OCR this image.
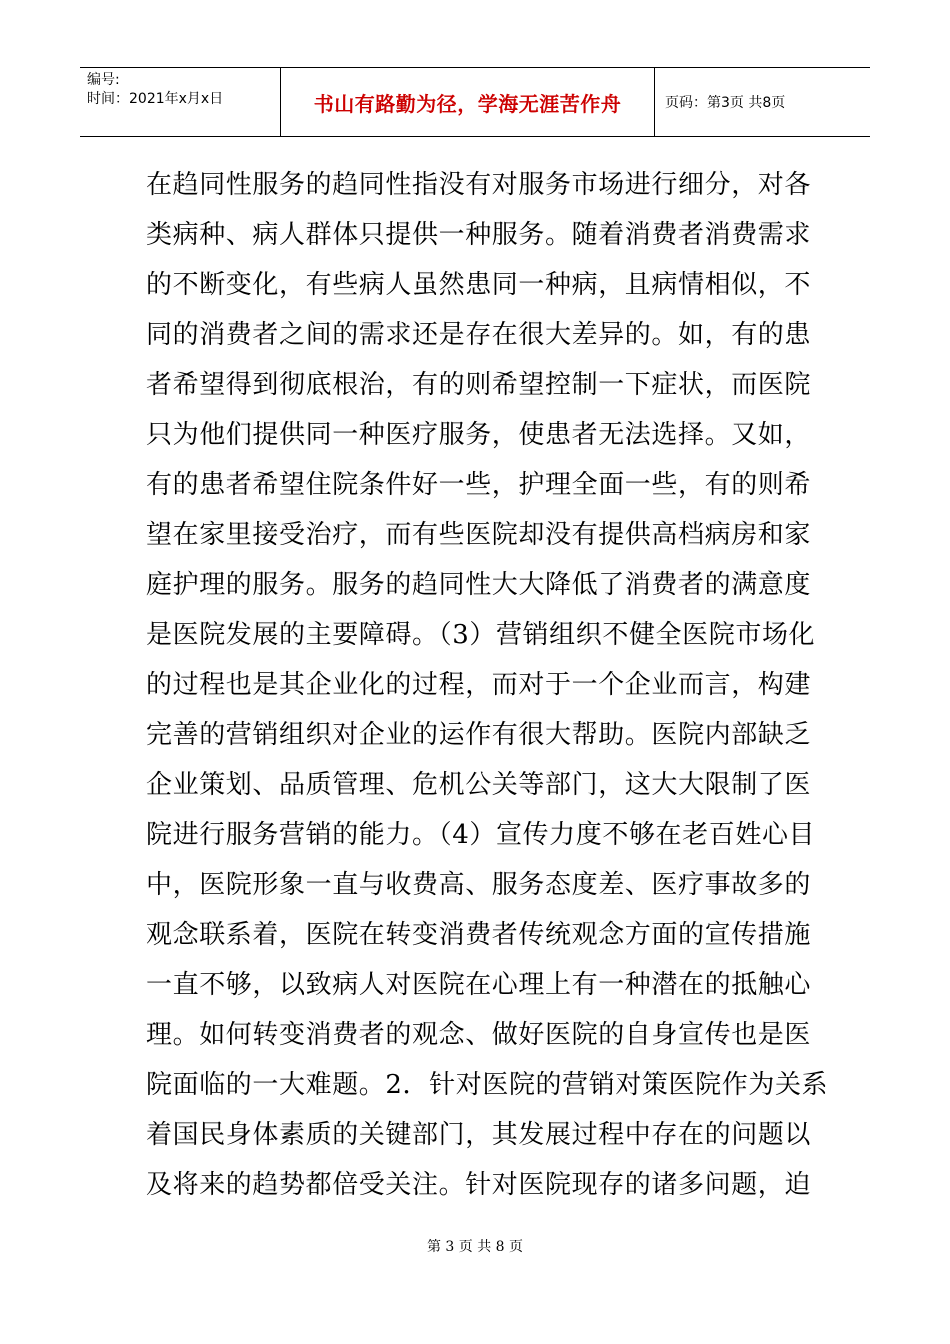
编号:
时间：2021年x月x日	书山有路勤为径，学海无涯苦作舟	页码：第3页 共8页
在趋同性服务的趋同性指没有对服务市场进行细分，对各
类病种、病人群体只提供一种服务。随着消费者消费需求
的不断变化，有些病人虽然患同一种病，且病情相似，不
同的消费者之间的需求还是存在很大差异的。如，有的患
者希望得到彻底根治，有的则希望控制一下症状，而医院
只为他们提供同一种医疗服务，使患者无法选择。又如，
有的患者希望住院条件好一些，护理全面一些，有的则希
望在家里接受治疗，而有些医院却没有提供高档病房和家
庭护理的服务。服务的趋同性大大降低了消费者的满意度
是医院发展的主要障碍。（3）营销组织不健全医院市场化
的过程也是其企业化的过程，而对于一个企业而言，构建
完善的营销组织对企业的运作有很大帮助。医院内部缺乏
企业策划、品质管理、危机公关等部门，这大大限制了医
院进行服务营销的能力。（4）宣传力度不够在老百姓心目
中，医院形象一直与收费高、服务态度差、医疗事故多的
观念联系着，医院在转变消费者传统观念方面的宣传措施
一直不够，以致病人对医院在心理上有一种潜在的抵触心
理。如何转变消费者的观念、做好医院的自身宣传也是医
院面临的一大难题。2．针对医院的营销对策医院作为关系
着国民身体素质的关键部门，其发展过程中存在的问题以
及将来的趋势都倍受关注。针对医院现存的诸多问题，迫
第 3 页 共 8 页
